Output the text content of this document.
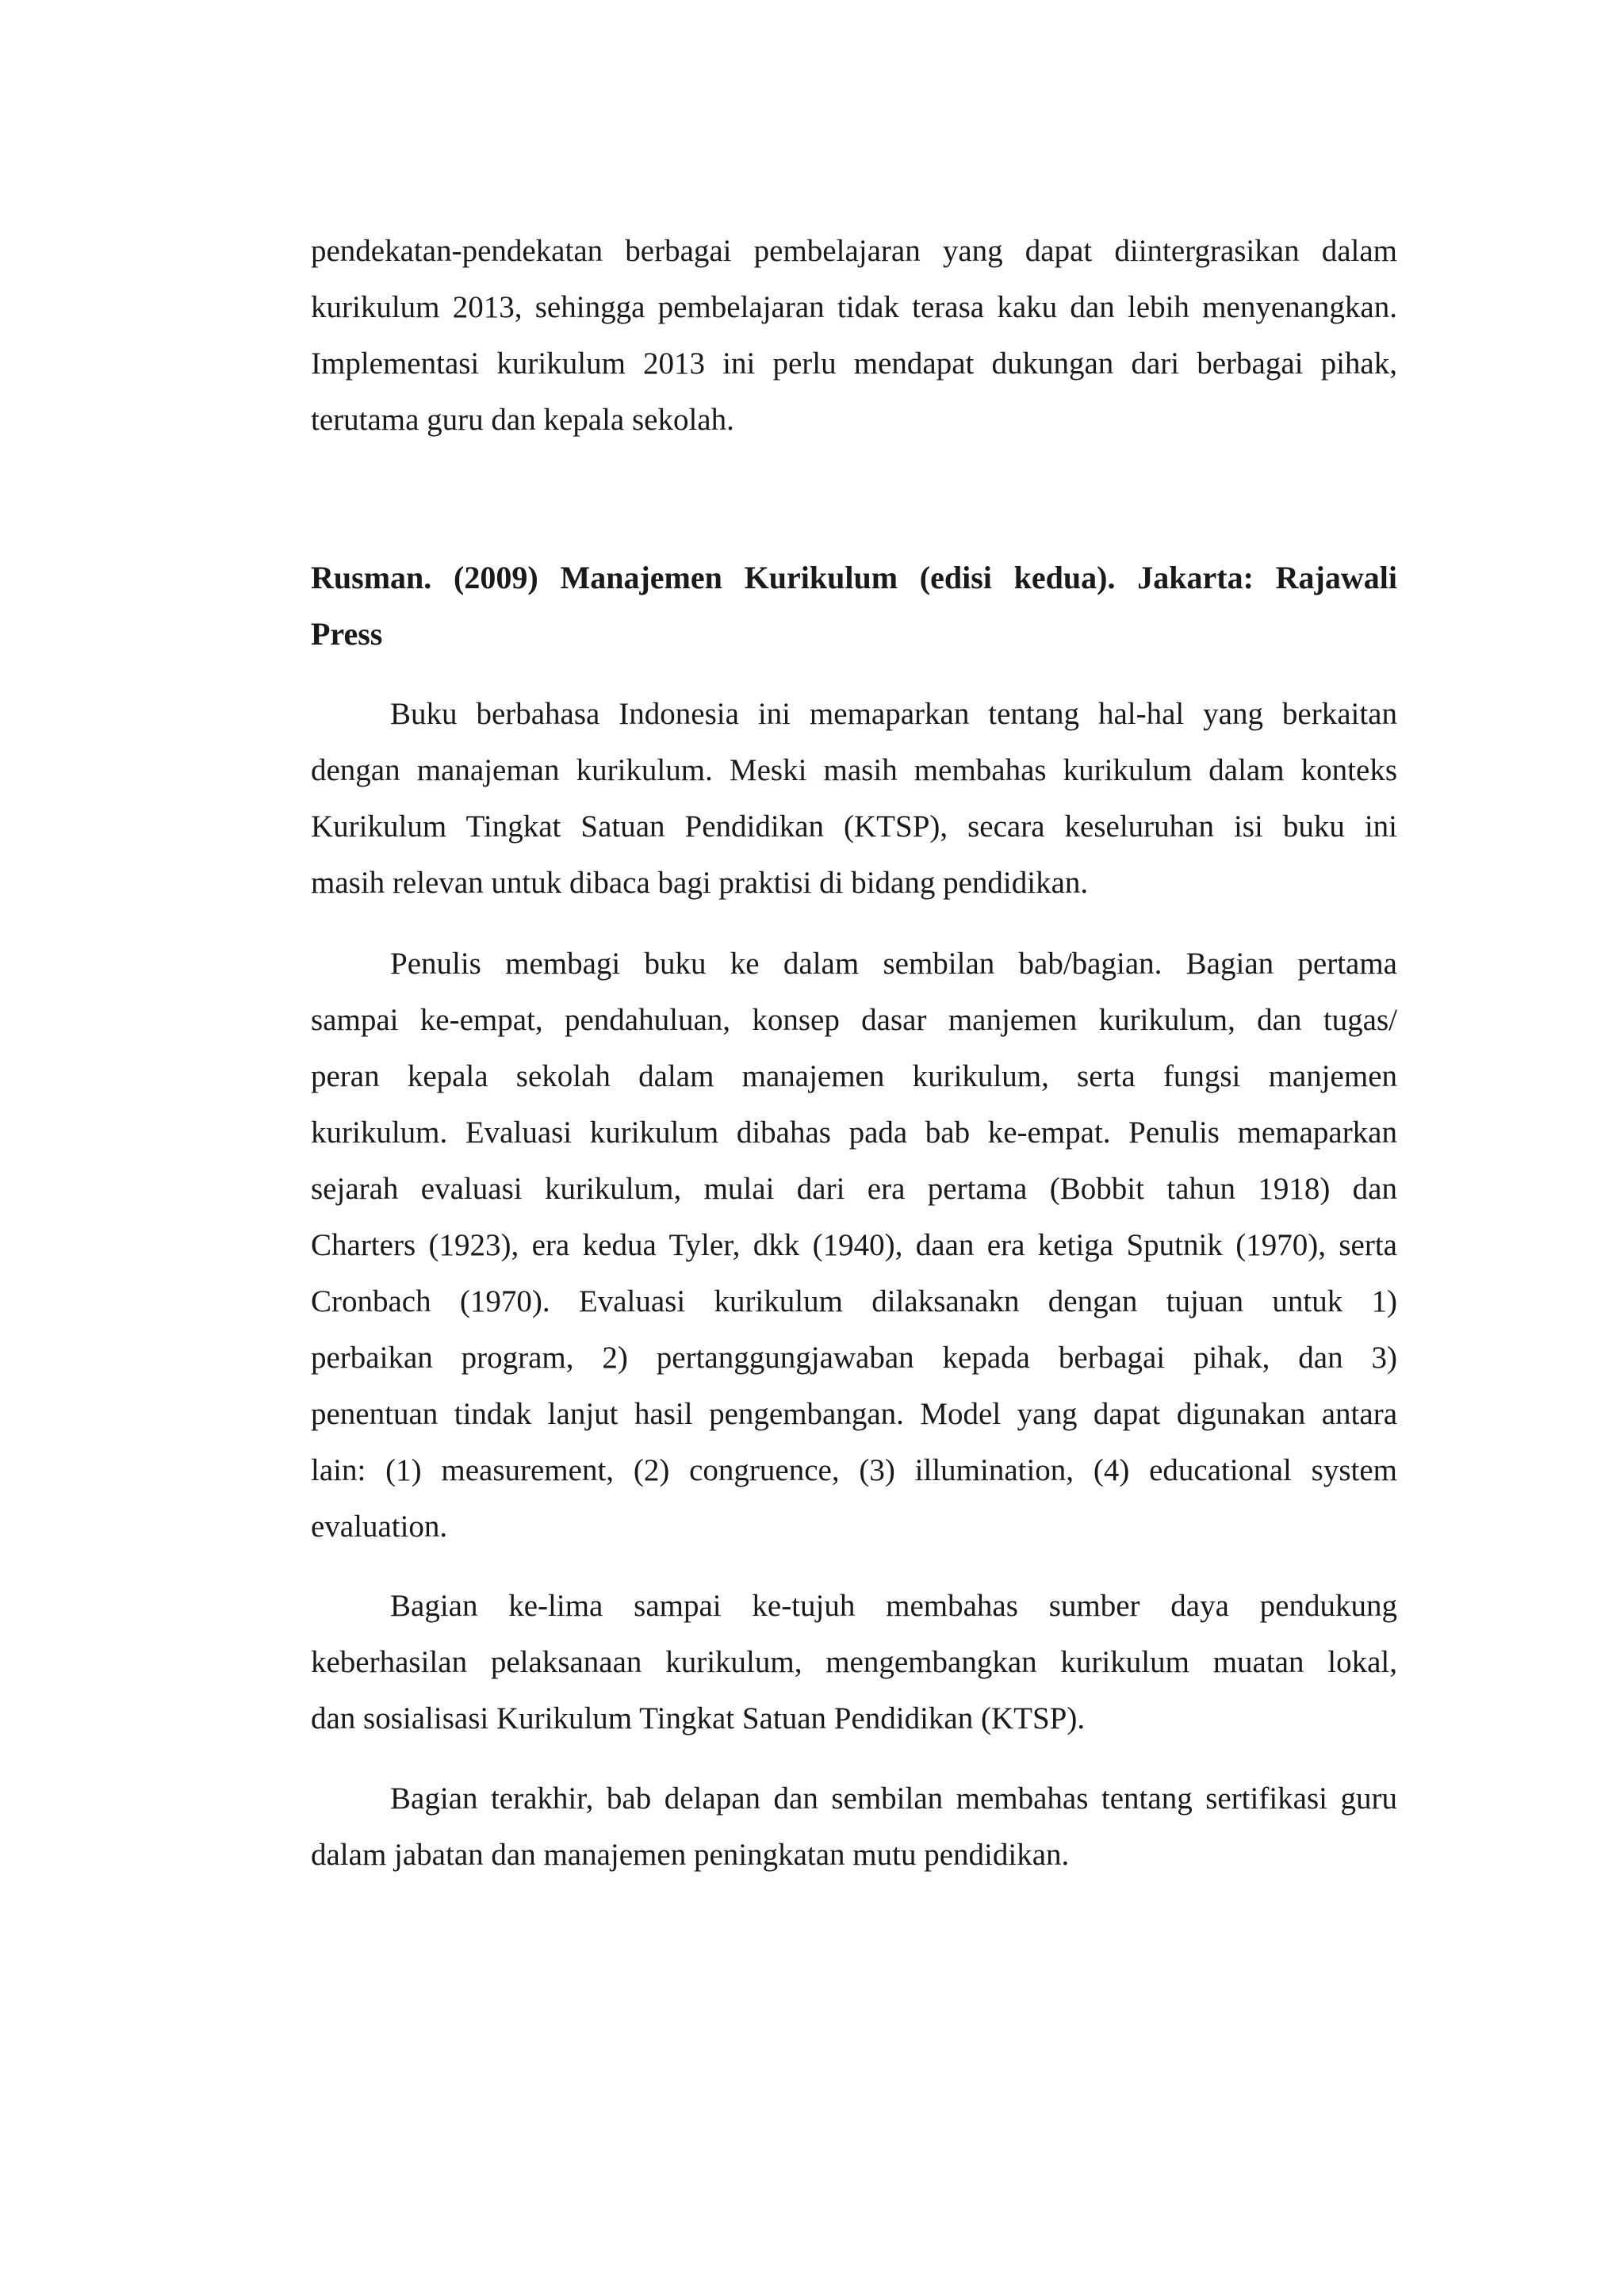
pendekatan-pendekatan berbagai pembelajaran yang dapat diintergrasikan dalam
kurikulum 2013, sehingga pembelajaran tidak terasa kaku dan lebih menyenangkan.
Implementasi kurikulum 2013 ini perlu mendapat dukungan dari berbagai pihak,
terutama guru dan kepala sekolah.
Rusman. (2009) Manajemen Kurikulum (edisi kedua). Jakarta: Rajawali
Press
Buku berbahasa Indonesia ini memaparkan tentang hal-hal yang berkaitan
dengan manajeman kurikulum. Meski masih membahas kurikulum dalam konteks
Kurikulum Tingkat Satuan Pendidikan (KTSP), secara keseluruhan isi buku ini
masih relevan untuk dibaca bagi praktisi di bidang pendidikan.
Penulis membagi buku ke dalam sembilan bab/bagian. Bagian pertama
sampai ke-empat, pendahuluan, konsep dasar manjemen kurikulum, dan tugas/
peran kepala sekolah dalam manajemen kurikulum, serta fungsi manjemen
kurikulum. Evaluasi kurikulum dibahas pada bab ke-empat. Penulis memaparkan
sejarah evaluasi kurikulum, mulai dari era pertama (Bobbit tahun 1918) dan
Charters (1923), era kedua Tyler, dkk (1940), daan era ketiga Sputnik (1970), serta
Cronbach (1970). Evaluasi kurikulum dilaksanakn dengan tujuan untuk 1)
perbaikan program, 2) pertanggungjawaban kepada berbagai pihak, dan 3)
penentuan tindak lanjut hasil pengembangan. Model yang dapat digunakan antara
lain: (1) measurement, (2) congruence, (3) illumination, (4) educational system
evaluation.
Bagian ke-lima sampai ke-tujuh membahas sumber daya pendukung
keberhasilan pelaksanaan kurikulum, mengembangkan kurikulum muatan lokal,
dan sosialisasi Kurikulum Tingkat Satuan Pendidikan (KTSP).
Bagian terakhir, bab delapan dan sembilan membahas tentang sertifikasi guru
dalam jabatan dan manajemen peningkatan mutu pendidikan.
